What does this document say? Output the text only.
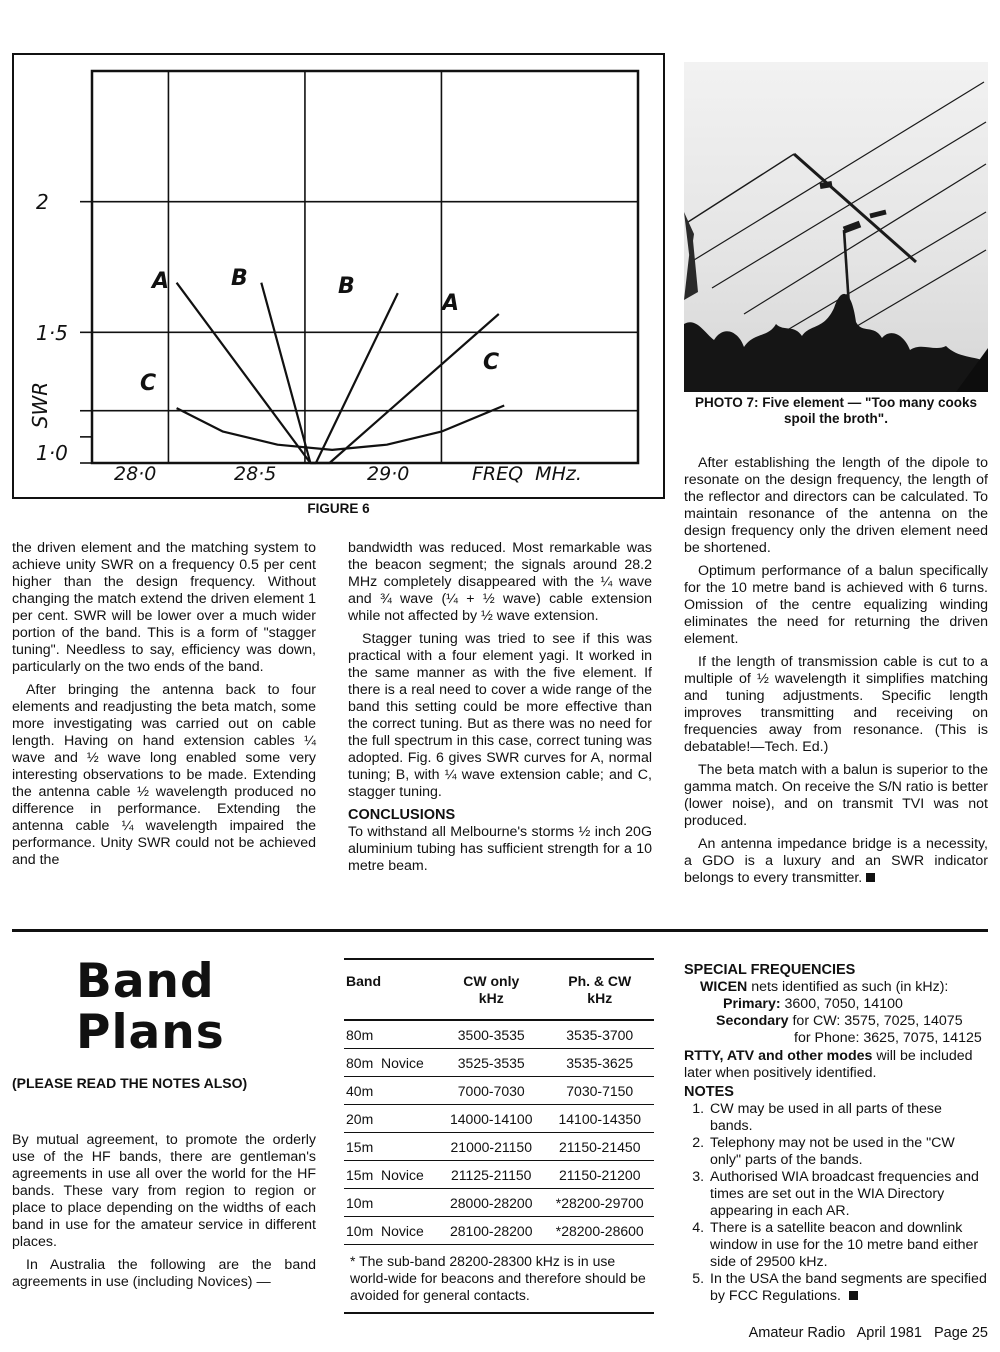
SWR
2
1·5
1·0
28·0	28·5	29·0	FREQ  MHz.
A	B	B
A
C
C
FIGURE 6
PHOTO 7: Five element — "Too many cooks spoil the broth".

the driven element and the matching system to achieve unity SWR on a frequency 0.5 per cent higher than the design frequency. Without changing the match extend the driven element 1 per cent. SWR will be lower over a much wider portion of the band. This is a form of "stagger tuning". Needless to say, efficiency was down, particularly on the two ends of the band.

After bringing the antenna back to four elements and readjusting the beta match, some more investigating was carried out on cable length. Having on hand extension cables ¼ wave and ½ wave long enabled some very interesting observations to be made. Extending the antenna cable ½ wavelength produced no difference in performance. Extending the antenna cable ¼ wavelength impaired the performance. Unity SWR could not be achieved and the

bandwidth was reduced. Most remarkable was the beacon segment; the signals around 28.2 MHz completely disappeared with the ¼ wave and ¾ wave (¼ + ½ wave) cable extension while not affected by ½ wave extension.

Stagger tuning was tried to see if this was practical with a four element yagi. It worked in the same manner as with the five element. If there is a real need to cover a wide range of the band this setting could be more effective than the correct tuning. But as there was no need for the full spectrum in this case, correct tuning was adopted. Fig. 6 gives SWR curves for A, normal tuning; B, with ¼ wave extension cable; and C, stagger tuning.

CONCLUSIONS

To withstand all Melbourne's storms ½ inch 20G aluminium tubing has sufficient strength for a 10 metre beam.

After establishing the length of the dipole to resonate on the design frequency, the length of the reflector and directors can be calculated. To maintain resonance of the antenna on the design frequency only the driven element need be shortened.

Optimum performance of a balun specifically for the 10 metre band is achieved with 6 turns. Omission of the centre equalizing winding eliminates the need for returning the driven element.

If the length of transmission cable is cut to a multiple of ½ wavelength it simplifies matching and tuning adjustments. Specific length improves transmitting and receiving on frequencies away from resonance. (This is debatable!—Tech. Ed.)

The beta match with a balun is superior to the gamma match. On receive the S/N ratio is better (lower noise), and on transmit TVI was not produced.

An antenna impedance bridge is a necessity, a GDO is a luxury and an SWR indicator belongs to every transmitter.

Band
Plans
(PLEASE READ THE NOTES ALSO)

By mutual agreement, to promote the orderly use of the HF bands, there are gentleman's agreements in use all over the world for the HF bands. These vary from region to region or place to place depending on the widths of each band in use for the amateur service in different places.

In Australia the following are the band agreements in use (including Novices) —

Band	CW only kHz	Ph. & CW kHz
80m	3500-3535	3535-3700
80m  Novice	3525-3535	3535-3625
40m	7000-7030	7030-7150
20m	14000-14100	14100-14350
15m	21000-21150	21150-21450
15m  Novice	21125-21150	21150-21200
10m	28000-28200	*28200-29700
10m  Novice	28100-28200	*28200-28600
* The sub-band 28200-28300 kHz is in use world-wide for beacons and therefore should be avoided for general contacts.
SPECIAL FREQUENCIES
WICEN nets identified as such (in kHz):
Primary: 3600, 7050, 14100
Secondary for CW: 3575, 7025, 14075
for Phone: 3625, 7075, 14125
RTTY, ATV and other modes will be included later when positively identified.
NOTES
1. CW may be used in all parts of these bands.
2. Telephony may not be used in the "CW only" parts of the bands.
3. Authorised WIA broadcast frequencies and times are set out in the WIA Directory appearing in each AR.
4. There is a satellite beacon and downlink window in use for the 10 metre band either side of 29500 kHz.
5. In the USA the band segments are specified by FCC Regulations.
Amateur Radio   April 1981   Page 25
